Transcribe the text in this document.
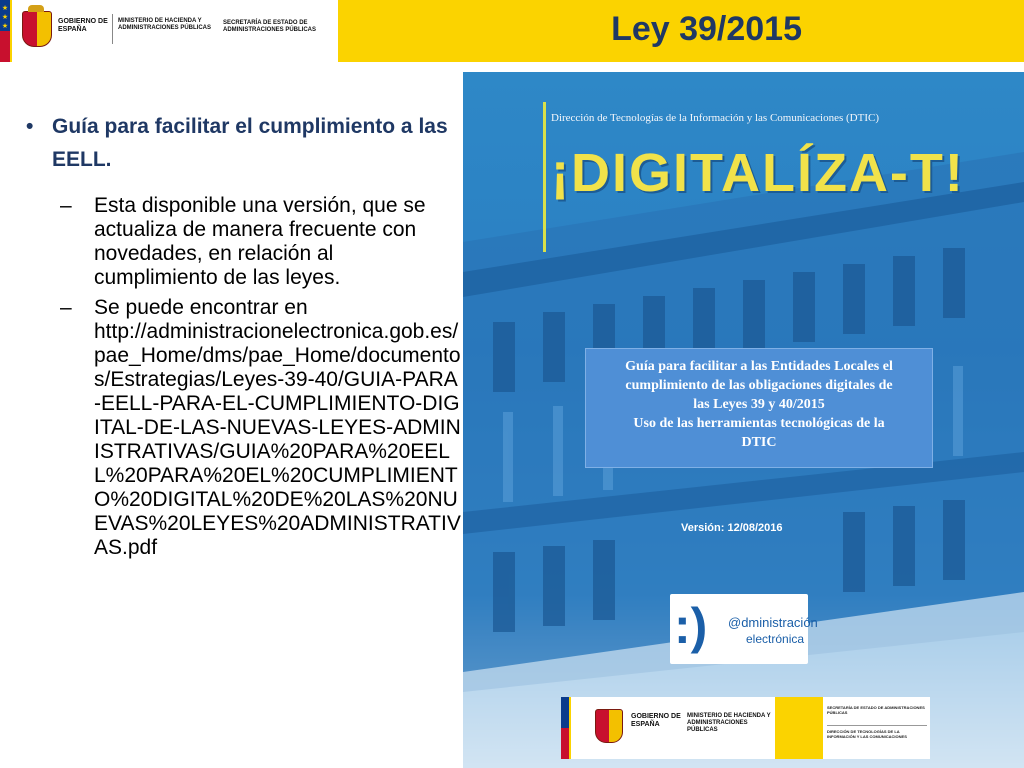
★
★
★
GOBIERNO DE ESPAÑA
MINISTERIO DE HACIENDA Y ADMINISTRACIONES PÚBLICAS
SECRETARÍA DE ESTADO DE ADMINISTRACIONES PÚBLICAS	Ley 39/2015
• Guía para facilitar el cumplimiento a las EELL.
– Esta disponible una versión, que se actualiza de manera frecuente con novedades, en relación al cumplimiento de las leyes.
– Se puede encontrar en
http://administracionelectronica.gob.es/pae_Home/dms/pae_Home/documentos/Estrategias/Leyes-39-40/GUIA-PARA-EELL-PARA-EL-CUMPLIMIENTO-DIGITAL-DE-LAS-NUEVAS-LEYES-ADMINISTRATIVAS/GUIA%20PARA%20EELL%20PARA%20EL%20CUMPLIMIENTO%20DIGITAL%20DE%20LAS%20NUEVAS%20LEYES%20ADMINISTRATIVAS.pdf
Dirección de Tecnologías de la Información y las Comunicaciones (DTIC)
¡DIGITALÍZA-T!
Guía para facilitar a las Entidades Locales el
cumplimiento de las obligaciones digitales de
las Leyes 39 y 40/2015
Uso de las herramientas tecnológicas de la
DTIC
Versión: 12/08/2016
:) @dministración
electrónica
GOBIERNO DE ESPAÑA
MINISTERIO DE HACIENDA Y ADMINISTRACIONES PÚBLICAS
SECRETARÍA DE ESTADO DE ADMINISTRACIONES PÚBLICAS
DIRECCIÓN DE TECNOLOGÍAS DE LA INFORMACIÓN Y LAS COMUNICACIONES
